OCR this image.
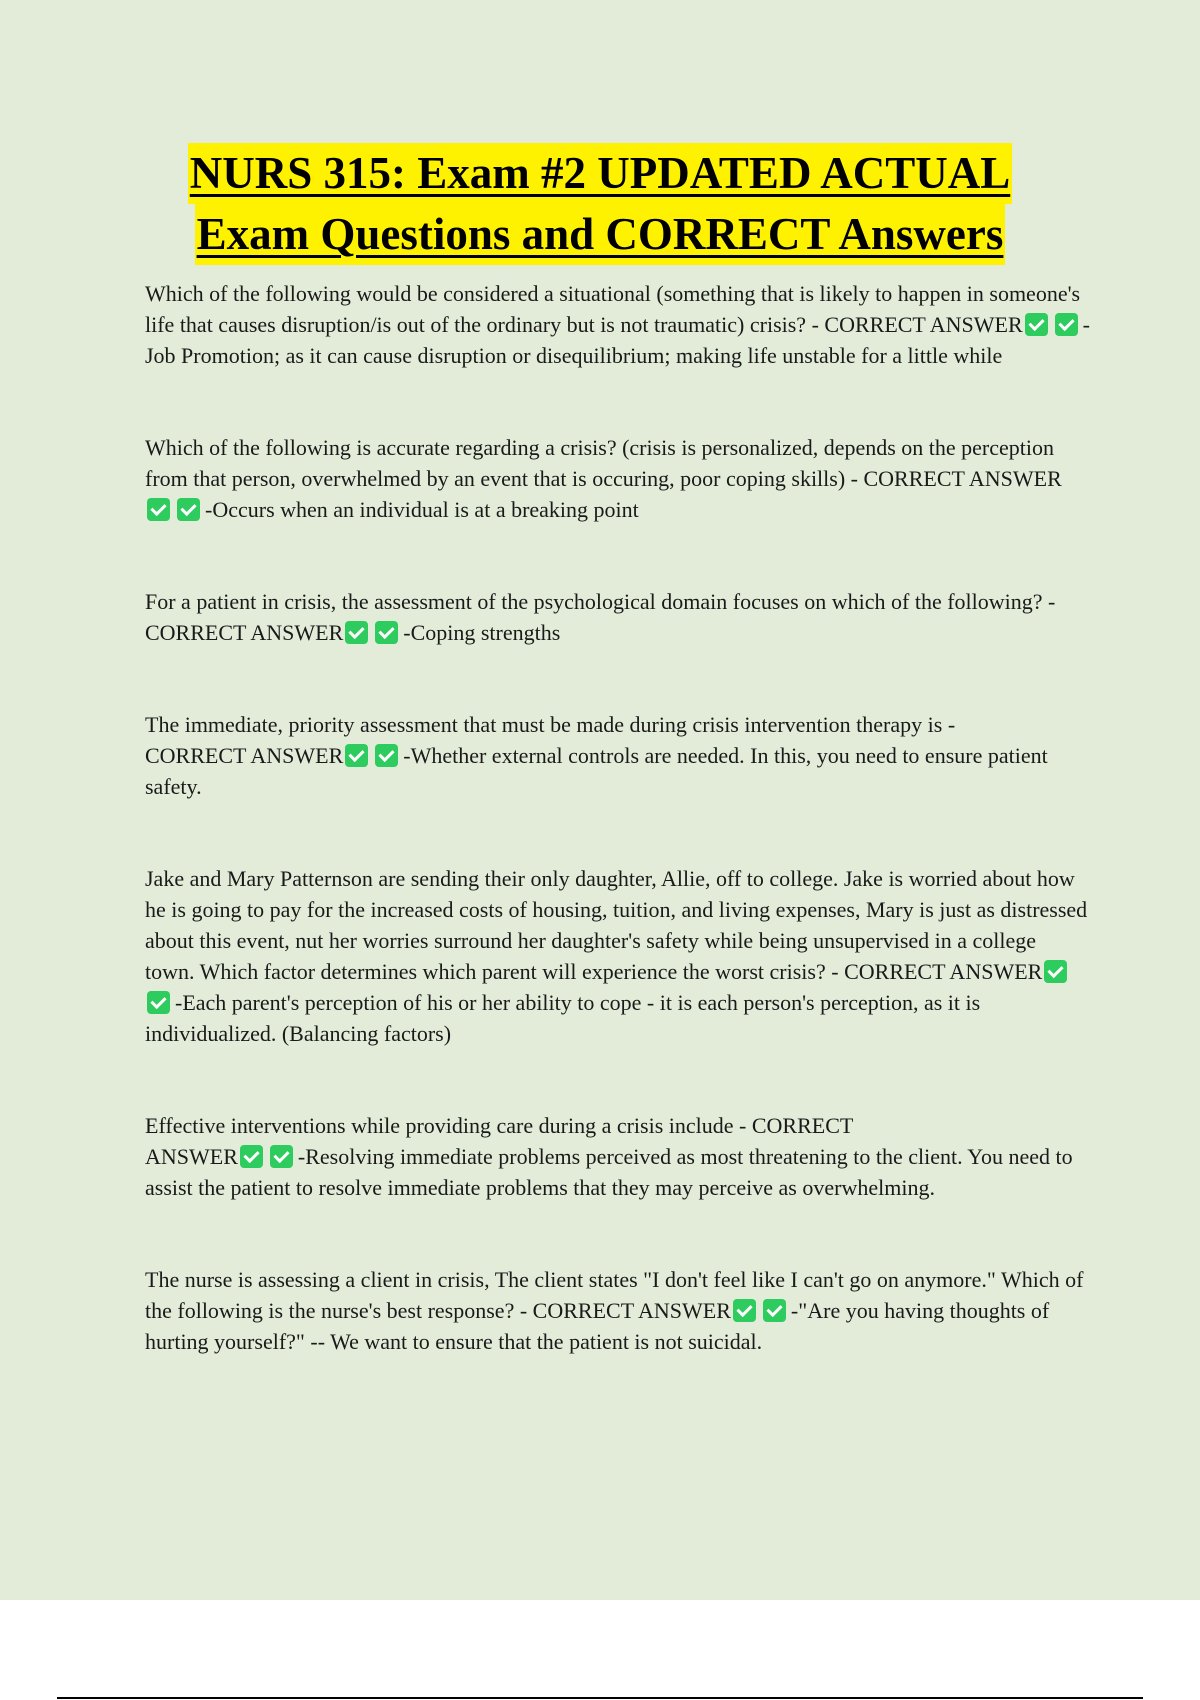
NURS 315: Exam #2 UPDATED ACTUAL
Exam Questions and CORRECT Answers

Which of the following would be considered a situational (something that is likely to happen in someone's life that causes disruption/is out of the ordinary but is not traumatic) crisis? - CORRECT ANSWER	-Job Promotion; as it can cause disruption or disequilibrium; making life unstable for a little while

Which of the following is accurate regarding a crisis? (crisis is personalized, depends on the perception from that person, overwhelmed by an event that is occuring, poor coping skills) - CORRECT ANSWER-Occurs when an individual is at a breaking point

For a patient in crisis, the assessment of the psychological domain focuses on which of the following? - CORRECT ANSWER	-Coping strengths

The immediate, priority assessment that must be made during crisis intervention therapy is -
CORRECT ANSWER	-Whether external controls are needed. In this, you need to ensure patient safety.

Jake and Mary Patternson are sending their only daughter, Allie, off to college. Jake is worried about how he is going to pay for the increased costs of housing, tuition, and living expenses, Mary is just as distressed about this event, nut her worries surround her daughter's safety while being unsupervised in a college town. Which factor determines which parent will experience the worst crisis? - CORRECT ANSWER-Each parent's perception of his or her ability to cope - it is each person's perception, as it is individualized. (Balancing factors)

Effective interventions while providing care during a crisis include - CORRECT
ANSWER	-Resolving immediate problems perceived as most threatening to the client. You need to assist the patient to resolve immediate problems that they may perceive as overwhelming.

The nurse is assessing a client in crisis, The client states "I don't feel like I can't go on anymore." Which of the following is the nurse's best response? - CORRECT ANSWER	-"Are you having thoughts of hurting yourself?" -- We want to ensure that the patient is not suicidal.
